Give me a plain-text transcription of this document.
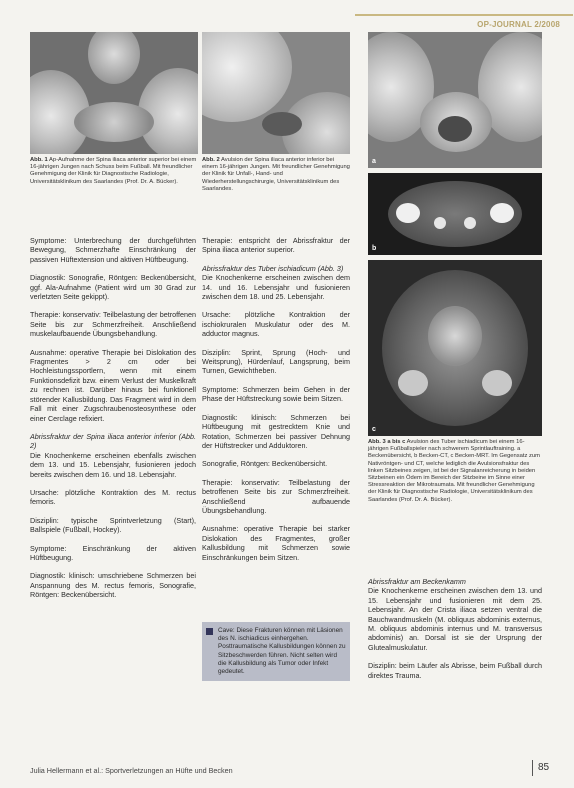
OP-JOURNAL 2/2008
Abb. 1 Ap-Aufnahme der Spina iliaca anterior superior bei einem 16-jährigen Jungen nach Schuss beim Fußball. Mit freundlicher Genehmigung der Klinik für Diagnostische Radiologie, Universitätsklinikum des Saarlandes (Prof. Dr. A. Bücker).
Abb. 2 Avulsion der Spina iliaca anterior inferior bei einem 16-jährigen Jungen. Mit freundlicher Genehmigung der Klinik für Unfall-, Hand- und Wiederherstellungschirurgie, Universitätsklinikum des Saarlandes.
a
b
c
Abb. 3 a bis c Avulsion des Tuber ischiadicum bei einem 16-jährigen Fußballspieler nach schwerem Sprintlauftraining. a Beckenübersicht, b Becken-CT, c Becken-MRT. Im Gegensatz zum Nativröntgen- und CT, welche lediglich die Avulsionsfraktur des linken Sitzbeines zeigen, ist bei der Signalanreicherung in beiden Sitzbeinen ein Ödem im Bereich der Sitzbeine im Sinne einer Stressreaktion der Mikrotraumata. Mit freundlicher Genehmigung der Klinik für Diagnostische Radiologie, Universitätsklinikum des Saarlandes (Prof. Dr. A. Bücker).

Symptome: Unterbrechung der durchgeführten Bewegung, Schmerzhafte Einschränkung der passiven Hüftextension und aktiven Hüftbeugung.

Diagnostik: Sonografie, Röntgen: Beckenübersicht, ggf. Ala-Aufnahme (Patient wird um 30 Grad zur verletzten Seite gekippt).

Therapie: konservativ: Teilbelastung der betroffenen Seite bis zur Schmerzfreiheit. Anschließend muskelaufbauende Übungsbehandlung.

Ausnahme: operative Therapie bei Dislokation des Fragmentes > 2 cm oder bei Hochleistungssportlern, wenn mit einem Funktionsdefizit bzw. einem Verlust der Muskelkraft zu rechnen ist. Darüber hinaus bei funktionell störender Kallusbildung. Das Fragment wird in dem Fall mit einer Zugschraubenosteosynthese oder einer Cerclage refixiert.

Abrissfraktur der Spina iliaca anterior inferior (Abb. 2)

Die Knochenkerne erscheinen ebenfalls zwischen dem 13. und 15. Lebensjahr, fusionieren jedoch bereits zwischen dem 16. und 18. Lebensjahr.

Ursache: plötzliche Kontraktion des M. rectus femoris.

Disziplin: typische Sprintverletzung (Start), Ballspiele (Fußball, Hockey).

Symptome: Einschränkung der aktiven Hüftbeugung.

Diagnostik: klinisch: umschriebene Schmerzen bei Anspannung des M. rectus femoris, Sonografie, Röntgen: Beckenübersicht.

Therapie: entspricht der Abrissfraktur der Spina iliaca anterior superior.

Abrissfraktur des Tuber ischiadicum (Abb. 3)

Die Knochenkerne erscheinen zwischen dem 14. und 16. Lebensjahr und fusionieren zwischen dem 18. und 25. Lebensjahr.

Ursache: plötzliche Kontraktion der ischiokruralen Muskulatur oder des M. adductor magnus.

Disziplin: Sprint, Sprung (Hoch- und Weitsprung), Hürdenlauf, Langsprung, beim Turnen, Gewichtheben.

Symptome: Schmerzen beim Gehen in der Phase der Hüftstreckung sowie beim Sitzen.

Diagnostik: klinisch: Schmerzen bei Hüftbeugung mit gestrecktem Knie und Rotation, Schmerzen bei passiver Dehnung der Hüftstrecker und Adduktoren.

Sonografie, Röntgen: Beckenübersicht.

Therapie: konservativ: Teilbelastung der betroffenen Seite bis zur Schmerzfreiheit. Anschließend aufbauende Übungsbehandlung.

Ausnahme: operative Therapie bei starker Dislokation des Fragmentes, großer Kallusbildung mit Schmerzen sowie Einschränkungen beim Sitzen.

Cave: Diese Frakturen können mit Läsionen des N. ischiadicus einhergehen. Posttraumatische Kallusbildungen können zu Sitzbeschwerden führen. Nicht selten wird die Kallusbildung als Tumor oder Infekt gedeutet.

Abrissfraktur am Beckenkamm

Die Knochenkerne erscheinen zwischen dem 13. und 15. Lebensjahr und fusionieren mit dem 25. Lebensjahr. An der Crista iliaca setzen ventral die Bauchwandmuskeln (M. obliquus abdominis externus, M. obliquus abdominis internus und M. transversus abdominis) an. Dorsal ist sie der Ursprung der Glutealmuskulatur.

Disziplin: beim Läufer als Abrisse, beim Fußball durch direktes Trauma.

Julia Hellermann et al.: Sportverletzungen an Hüfte und Becken	85
